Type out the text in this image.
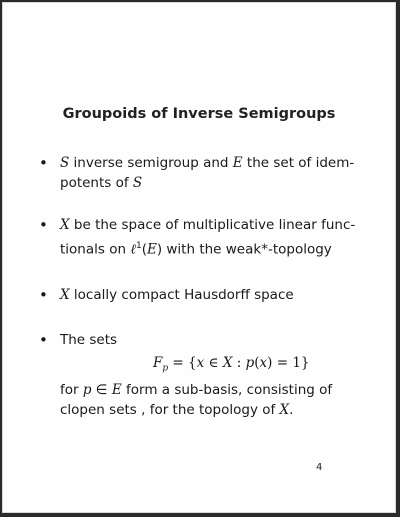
Groupoids of Inverse Semigroups
• S inverse semigroup and E the set of idem-
potents of S
• X be the space of multiplicative linear func-
tionals on ℓ$^1$(E) with the weak*-topology
• X locally compact Hausdorff space
• The sets
$F_p = \{x$ ∈ X : p(x) = 1}
for p ∈ E form a sub-basis, consisting of
clopen sets , for the topology of X.
4
